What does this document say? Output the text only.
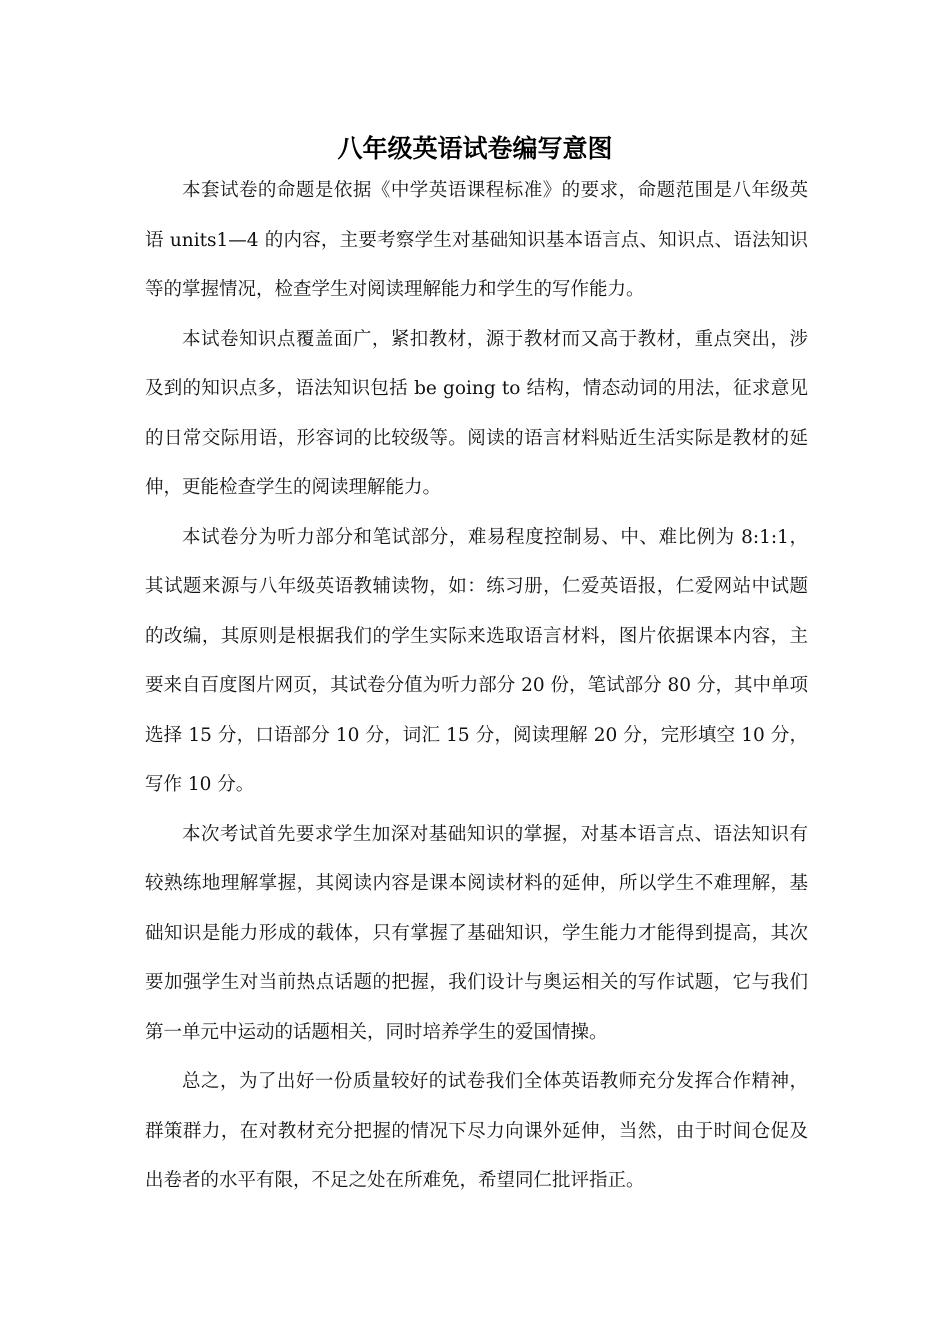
八年级英语试卷编写意图

本套试卷的命题是依据《中学英语课程标准》的要求，命题范围是八年级英语 units1—4 的内容，主要考察学生对基础知识基本语言点、知识点、语法知识等的掌握情况，检查学生对阅读理解能力和学生的写作能力。

本试卷知识点覆盖面广，紧扣教材，源于教材而又高于教材，重点突出，涉及到的知识点多，语法知识包括 be going to 结构，情态动词的用法，征求意见的日常交际用语，形容词的比较级等。阅读的语言材料贴近生活实际是教材的延伸，更能检查学生的阅读理解能力。

本试卷分为听力部分和笔试部分，难易程度控制易、中、难比例为 8:1:1，其试题来源与八年级英语教辅读物，如：练习册，仁爱英语报，仁爱网站中试题的改编，其原则是根据我们的学生实际来选取语言材料，图片依据课本内容，主要来自百度图片网页，其试卷分值为听力部分 20 份，笔试部分 80 分，其中单项选择 15 分，口语部分 10 分，词汇 15 分，阅读理解 20 分，完形填空 10 分，写作 10 分。

本次考试首先要求学生加深对基础知识的掌握，对基本语言点、语法知识有较熟练地理解掌握，其阅读内容是课本阅读材料的延伸，所以学生不难理解，基础知识是能力形成的载体，只有掌握了基础知识，学生能力才能得到提高，其次要加强学生对当前热点话题的把握，我们设计与奥运相关的写作试题，它与我们第一单元中运动的话题相关，同时培养学生的爱国情操。

总之，为了出好一份质量较好的试卷我们全体英语教师充分发挥合作精神，群策群力，在对教材充分把握的情况下尽力向课外延伸，当然，由于时间仓促及出卷者的水平有限，不足之处在所难免，希望同仁批评指正。
